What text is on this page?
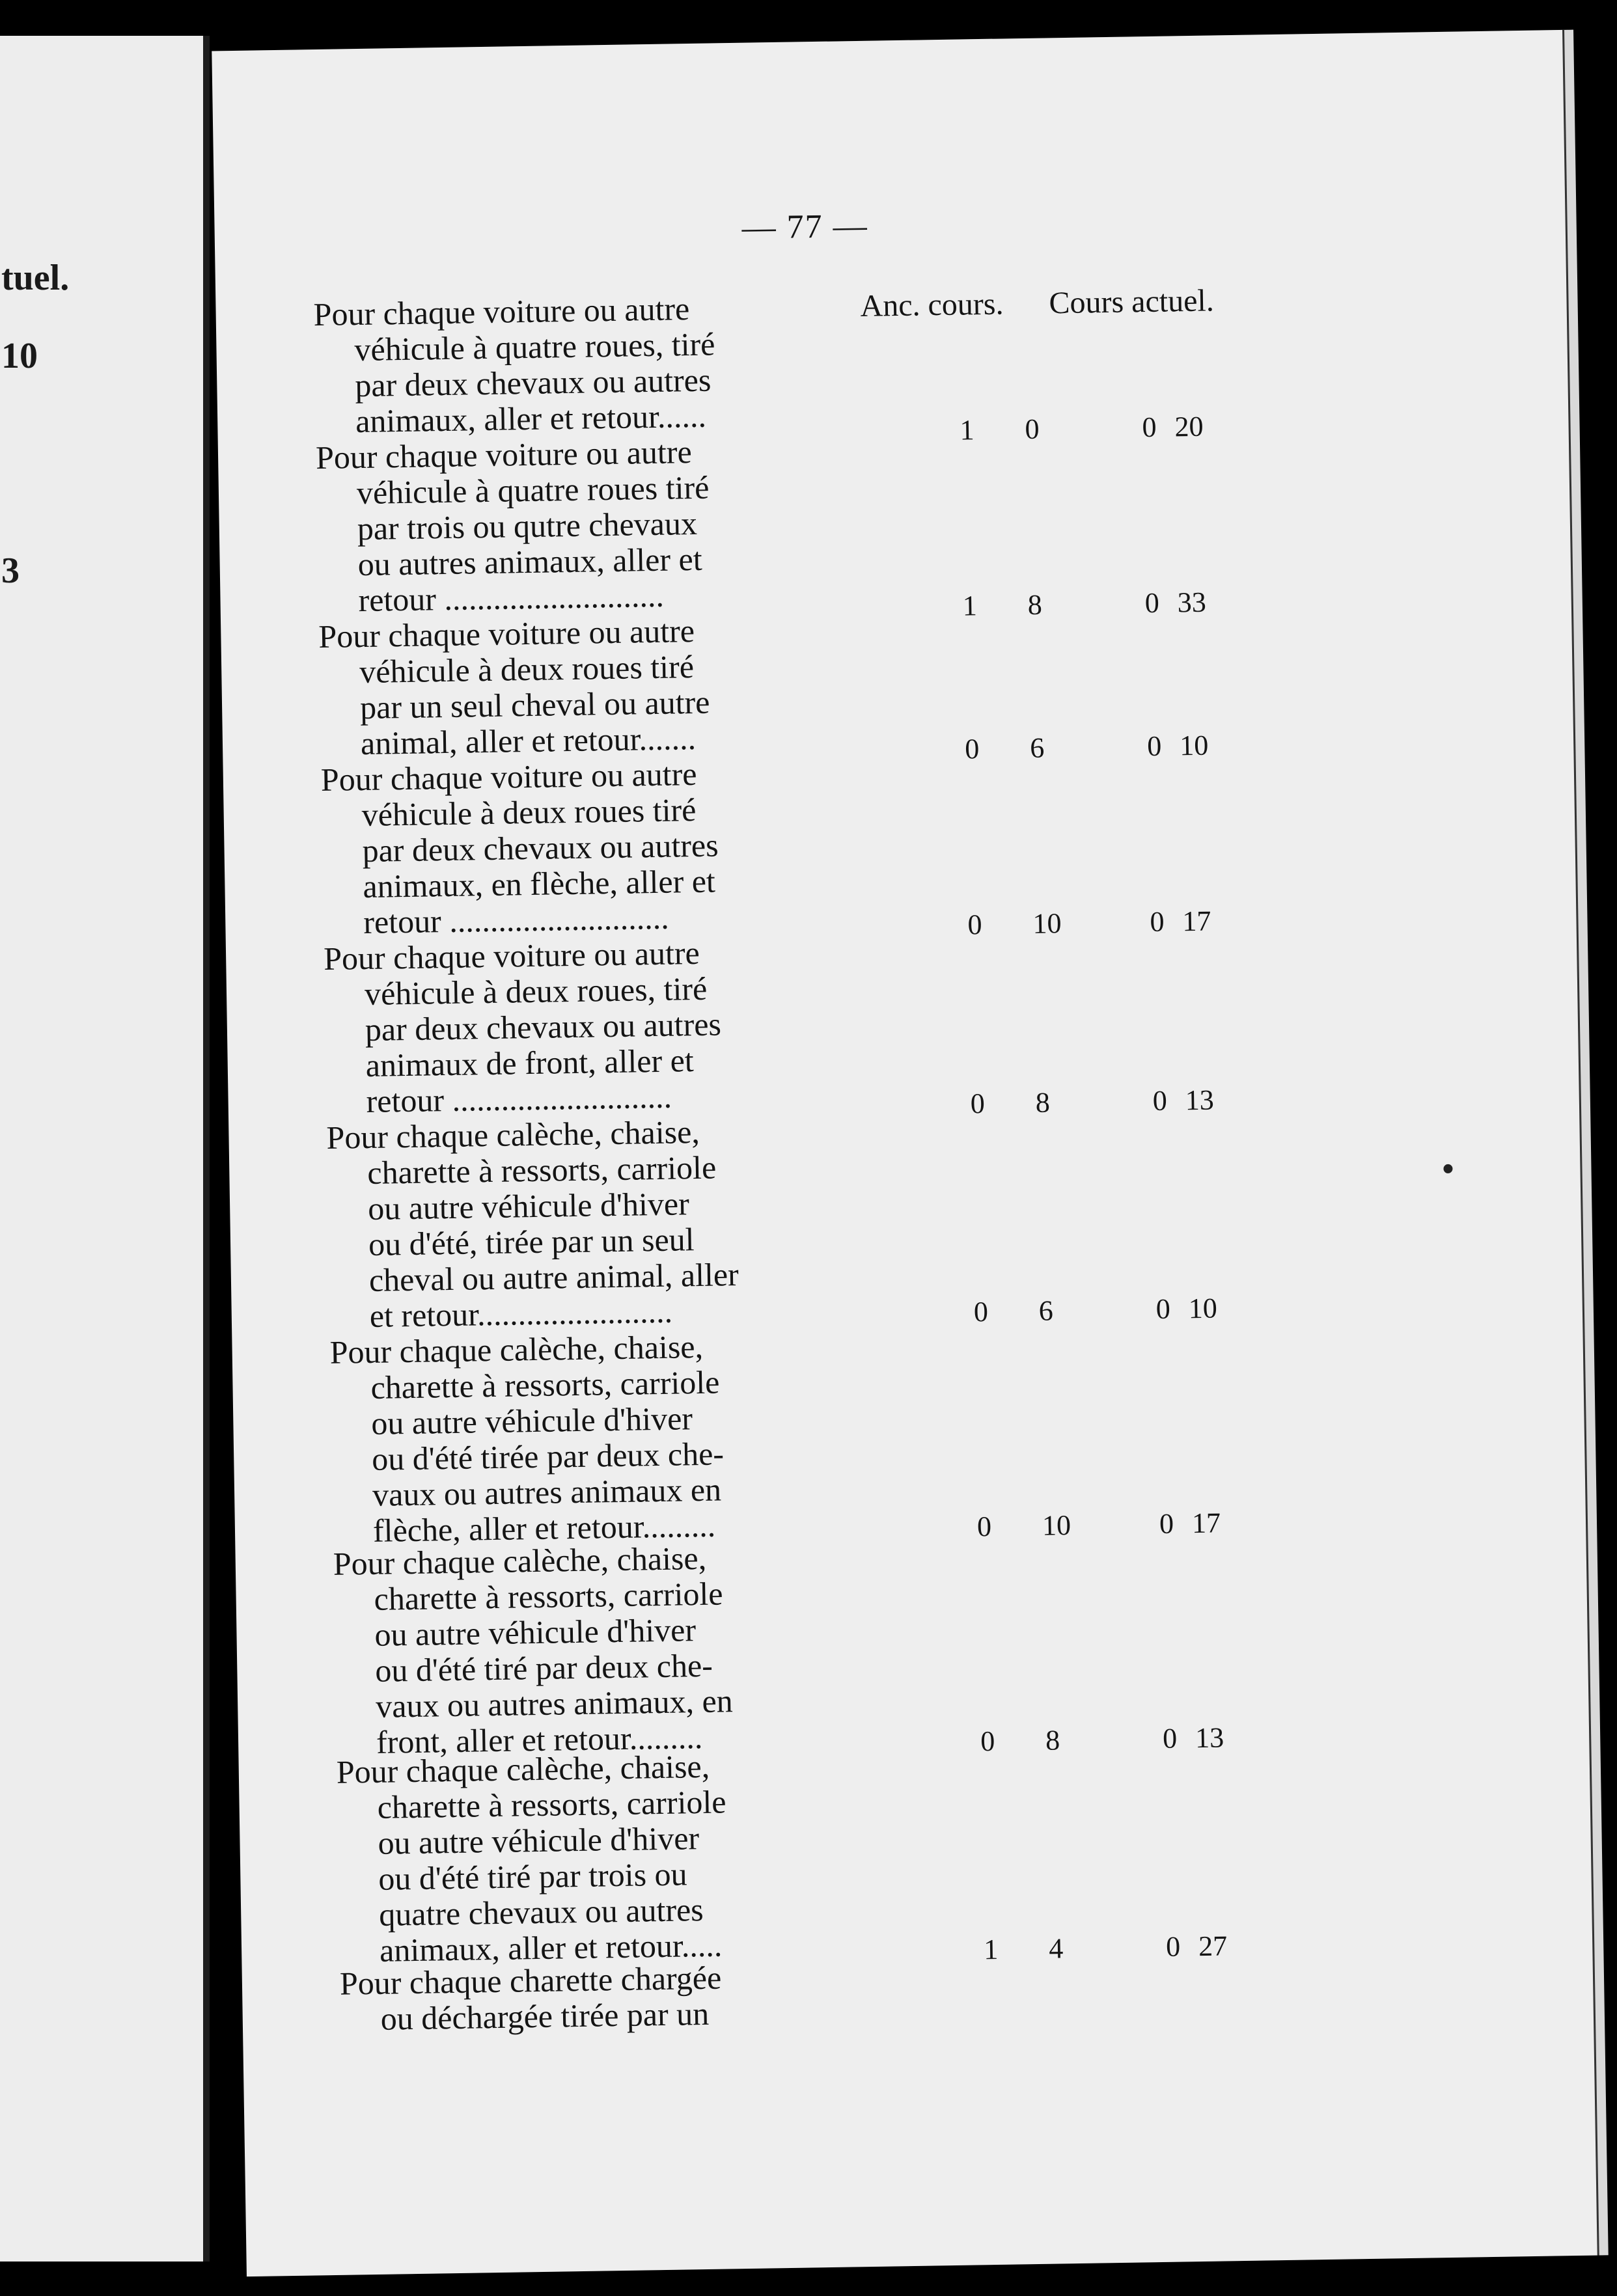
tuel.
10
3
— 77 —
Anc. cours. Cours actuel.
Pour chaque voiture ou autre
véhicule à quatre roues, tiré
par deux chevaux ou autres
animaux, aller et retour......	1 0	0 20
Pour chaque voiture ou autre
véhicule à quatre roues tiré
par trois ou qutre chevaux
ou autres animaux, aller et
retour ...........................	1 8	0 33
Pour chaque voiture ou autre
véhicule à deux roues tiré
par un seul cheval ou autre
animal, aller et retour.......	0 6	0 10
Pour chaque voiture ou autre
véhicule à deux roues tiré
par deux chevaux ou autres
animaux, en flèche, aller et
retour ...........................	0 10	0 17
Pour chaque voiture ou autre
véhicule à deux roues, tiré
par deux chevaux ou autres
animaux de front, aller et
retour ...........................	0 8	0 13
Pour chaque calèche, chaise,
charette à ressorts, carriole
ou autre véhicule d'hiver
ou d'été, tirée par un seul
cheval ou autre animal, aller
et retour........................	0 6	0 10
Pour chaque calèche, chaise,
charette à ressorts, carriole
ou autre véhicule d'hiver
ou d'été tirée par deux che-
vaux ou autres animaux en
flèche, aller et retour.........	0 10	0 17
Pour chaque calèche, chaise,
charette à ressorts, carriole
ou autre véhicule d'hiver
ou d'été tiré par deux che-
vaux ou autres animaux, en
front, aller et retour.........	0 8	0 13
Pour chaque calèche, chaise,
charette à ressorts, carriole
ou autre véhicule d'hiver
ou d'été tiré par trois ou
quatre chevaux ou autres
animaux, aller et retour.....	1 4	0 27
Pour chaque charette chargée
ou déchargée tirée par un
